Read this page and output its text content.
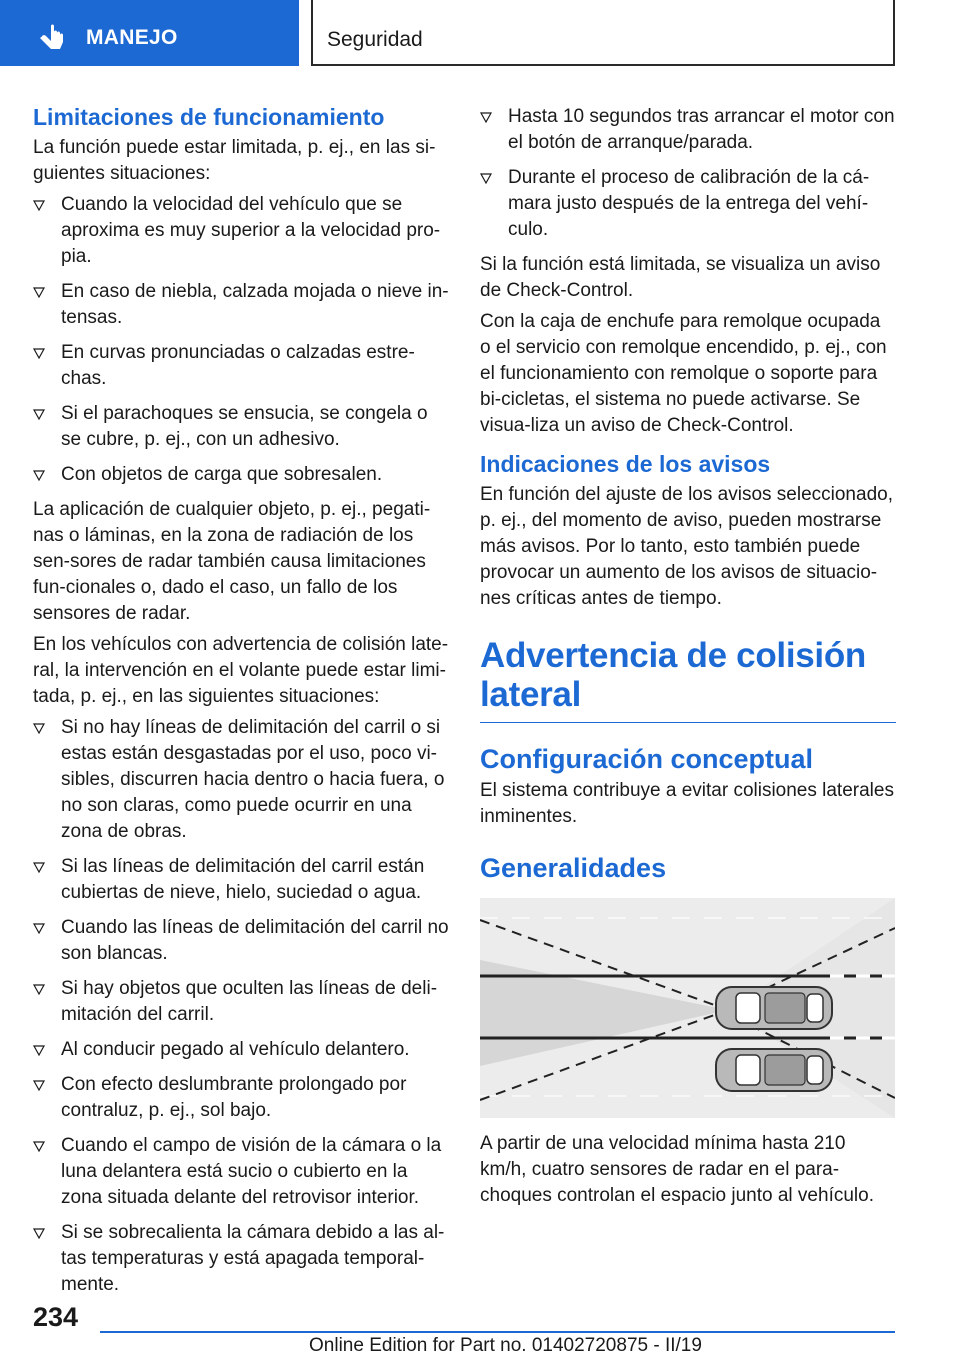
MANEJO	Seguridad
Limitaciones de funcionamiento

La función puede estar limitada, p. ej., en las si-guientes situaciones:

Cuando la velocidad del vehículo que se aproxima es muy superior a la velocidad pro-pia.
En caso de niebla, calzada mojada o nieve in-tensas.
En curvas pronunciadas o calzadas estre-chas.
Si el parachoques se ensucia, se congela o se cubre, p. ej., con un adhesivo.
Con objetos de carga que sobresalen.

La aplicación de cualquier objeto, p. ej., pegati-nas o láminas, en la zona de radiación de los sen-sores de radar también causa limitaciones fun-cionales o, dado el caso, un fallo de los sensores de radar.

En los vehículos con advertencia de colisión late-ral, la intervención en el volante puede estar limi-tada, p. ej., en las siguientes situaciones:

Si no hay líneas de delimitación del carril o si estas están desgastadas por el uso, poco vi-sibles, discurren hacia dentro o hacia fuera, o no son claras, como puede ocurrir en una zona de obras.
Si las líneas de delimitación del carril están cubiertas de nieve, hielo, suciedad o agua.
Cuando las líneas de delimitación del carril no son blancas.
Si hay objetos que oculten las líneas de deli-mitación del carril.
Al conducir pegado al vehículo delantero.
Con efecto deslumbrante prolongado por contraluz, p. ej., sol bajo.
Cuando el campo de visión de la cámara o la luna delantera está sucio o cubierto en la zona situada delante del retrovisor interior.
Si se sobrecalienta la cámara debido a las al-tas temperaturas y está apagada temporal-mente.
Hasta 10 segundos tras arrancar el motor con el botón de arranque/parada.
Durante el proceso de calibración de la cá-mara justo después de la entrega del vehí-culo.

Si la función está limitada, se visualiza un aviso de Check-Control.

Con la caja de enchufe para remolque ocupada o el servicio con remolque encendido, p. ej., con el funcionamiento con remolque o soporte para bi-cicletas, el sistema no puede activarse. Se visua-liza un aviso de Check-Control.

Indicaciones de los avisos

En función del ajuste de los avisos seleccionado, p. ej., del momento de aviso, pueden mostrarse más avisos. Por lo tanto, esto también puede provocar un aumento de los avisos de situacio-nes críticas antes de tiempo.

Advertencia de colisión lateral
Configuración conceptual

El sistema contribuye a evitar colisiones laterales inminentes.

Generalidades

A partir de una velocidad mínima hasta 210 km/h, cuatro sensores de radar en el para-choques controlan el espacio junto al vehículo.

234
Online Edition for Part no. 01402720875 - II/19
